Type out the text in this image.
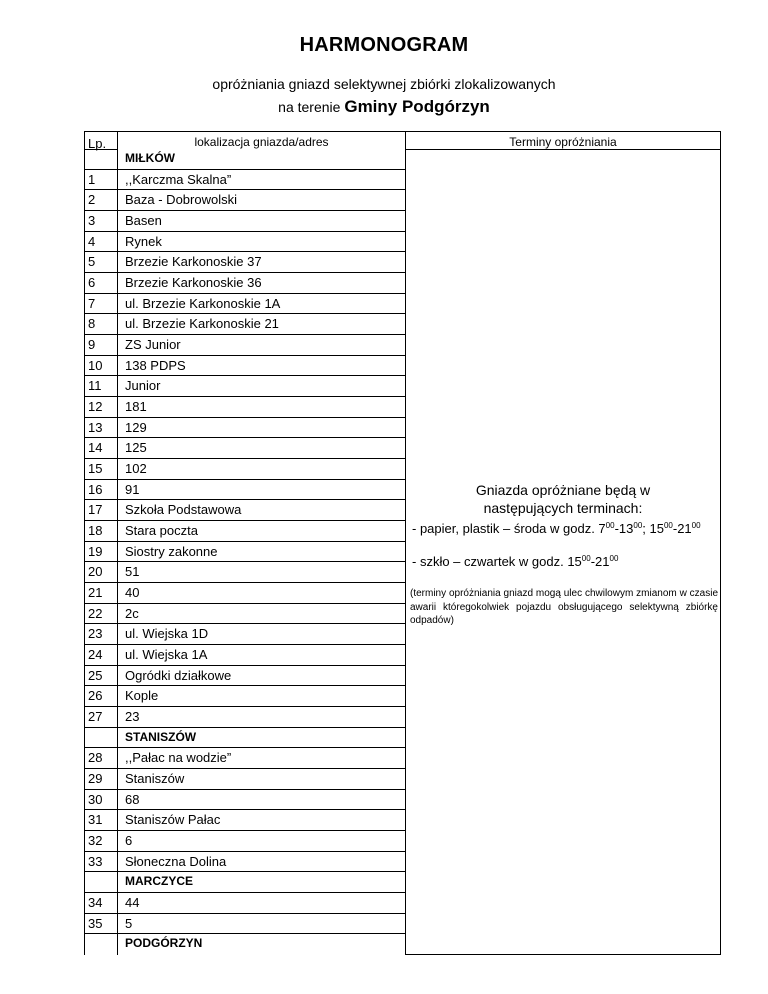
HARMONOGRAM
opróżniania gniazd selektywnej zbiórki zlokalizowanych
na terenie Gminy Podgórzyn
Lp.	lokalizacja gniazda/adres	Terminy opróżniania
MIŁKÓW
1 ,,Karczma Skalna”
2 Baza - Dobrowolski
3 Basen
4 Rynek
5 Brzezie Karkonoskie 37
6 Brzezie Karkonoskie 36
7 ul. Brzezie Karkonoskie 1A
8 ul. Brzezie Karkonoskie 21
9 ZS Junior
10 138 PDPS
11 Junior
12 181
13 129
14 125
15 102
16 91
17 Szkoła Podstawowa
18 Stara poczta
19 Siostry zakonne
20 51
21 40
22 2c
23 ul. Wiejska 1D
24 ul. Wiejska 1A
25 Ogródki działkowe
26 Kople
27 23
STANISZÓW
28 ,,Pałac na wodzie”
29 Staniszów
30 68
31 Staniszów Pałac
32 6
33 Słoneczna Dolina
MARCZYCE
34 44
35 5
PODGÓRZYN
Gniazda opróżniane będą w następujących terminach:
- papier, plastik – środa w godz. $7^{00}-13^{00}$; $15^{00}-21^{00}$
- szkło – czwartek w godz. $15^{00}-21^{00}$
(terminy opróżniania gniazd mogą ulec chwilowym zmianom w czasie awarii któregokolwiek pojazdu obsługującego selektywną zbiórkę odpadów)
